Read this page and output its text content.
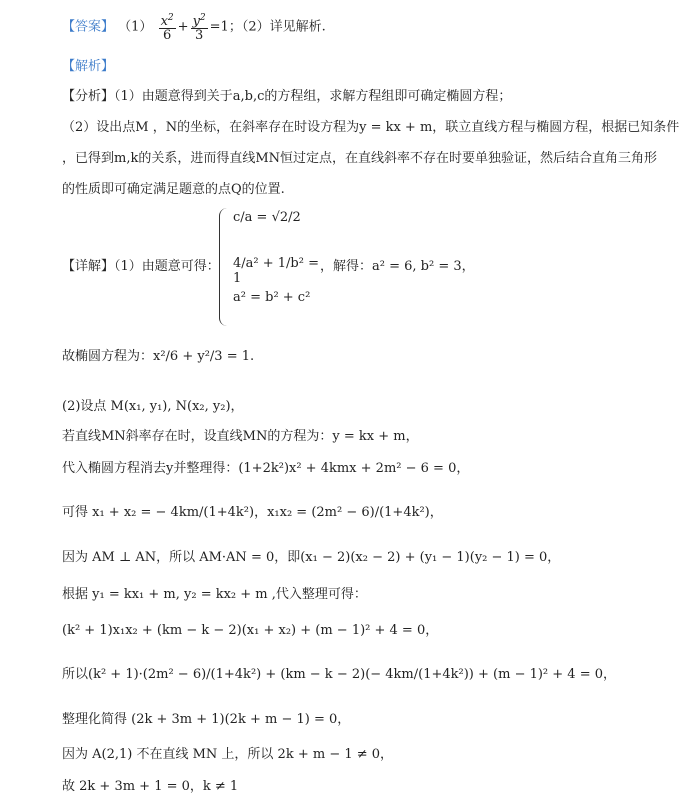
【答案】 $(1) \frac{x^2}{6} + \frac{y^2}{3} =1$；（2）详见解析.
【解析】
【分析】（1）由题意得到关于a,b,c的方程组，求解方程组即可确定椭圆方程；
（2）设出点M ，N的坐标，在斜率存在时设方程为y = kx + m，联立直线方程与椭圆方程，根据已知条件
，已得到m,k的关系，进而得直线MN恒过定点，在直线斜率不存在时要单独验证，然后结合直角三角形
的性质即可确定满足题意的点Q的位置.
【详解】（1）由题意可得：
c/a = √2/2
4/a² + 1/b² = 1
a² = b² + c²
，解得：a² = 6, b² = 3，
故椭圆方程为：x²/6 + y²/3 = 1.
(2)设点 M(x₁, y₁), N(x₂, y₂)，
若直线MN斜率存在时，设直线MN的方程为：y = kx + m，
代入椭圆方程消去y并整理得：(1+2k²)x² + 4kmx + 2m² − 6 = 0，
可得 x₁ + x₂ = − 4km/(1+4k²)，x₁x₂ = (2m² − 6)/(1+4k²)，
因为 AM ⊥ AN，所以 AM·AN = 0，即(x₁ − 2)(x₂ − 2) + (y₁ − 1)(y₂ − 1) = 0，
根据 y₁ = kx₁ + m, y₂ = kx₂ + m ,代入整理可得：
(k² + 1)x₁x₂ + (km − k − 2)(x₁ + x₂) + (m − 1)² + 4 = 0，
所以(k² + 1)·(2m² − 6)/(1+4k²) + (km − k − 2)(− 4km/(1+4k²)) + (m − 1)² + 4 = 0，
整理化简得 (2k + 3m + 1)(2k + m − 1) = 0，
因为 A(2,1) 不在直线 MN 上，所以 2k + m − 1 ≠ 0，
故 2k + 3m + 1 = 0，k ≠ 1
